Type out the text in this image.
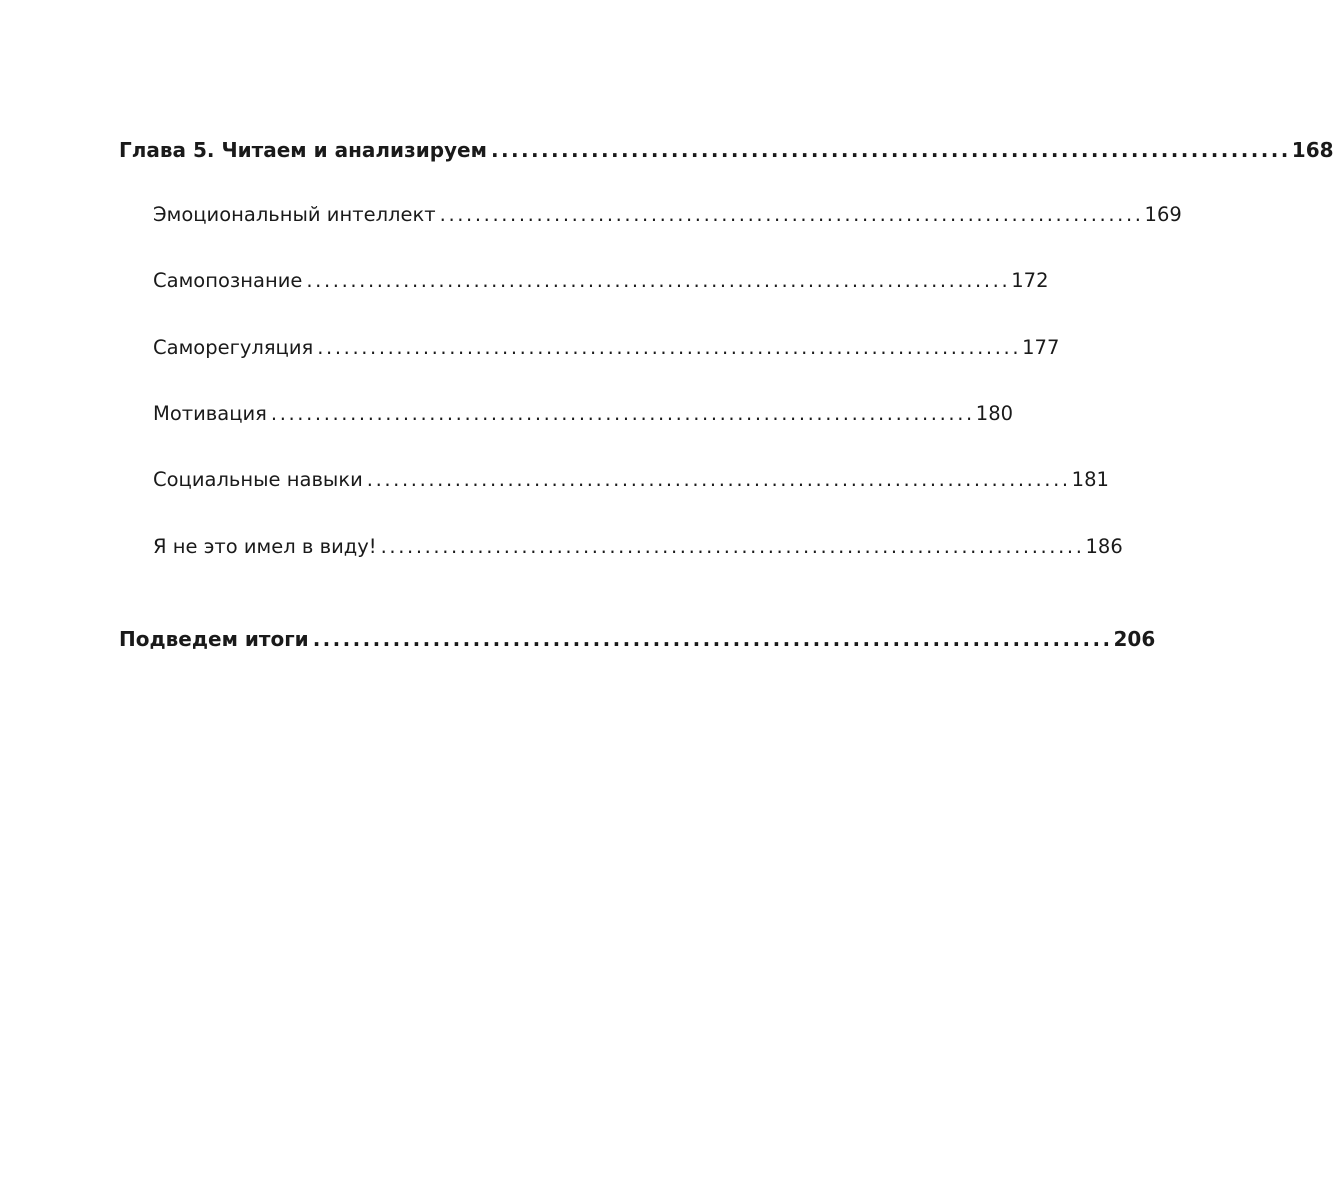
Глава 5. Читаем и анализируем ................................................................................ 168
Эмоциональный интеллект ................................................................................ 169
Самопознание ................................................................................ 172
Саморегуляция ................................................................................ 177
Мотивация ................................................................................ 180
Социальные навыки ................................................................................ 181
Я не это имел в виду! ................................................................................ 186
Подведем итоги ................................................................................ 206
